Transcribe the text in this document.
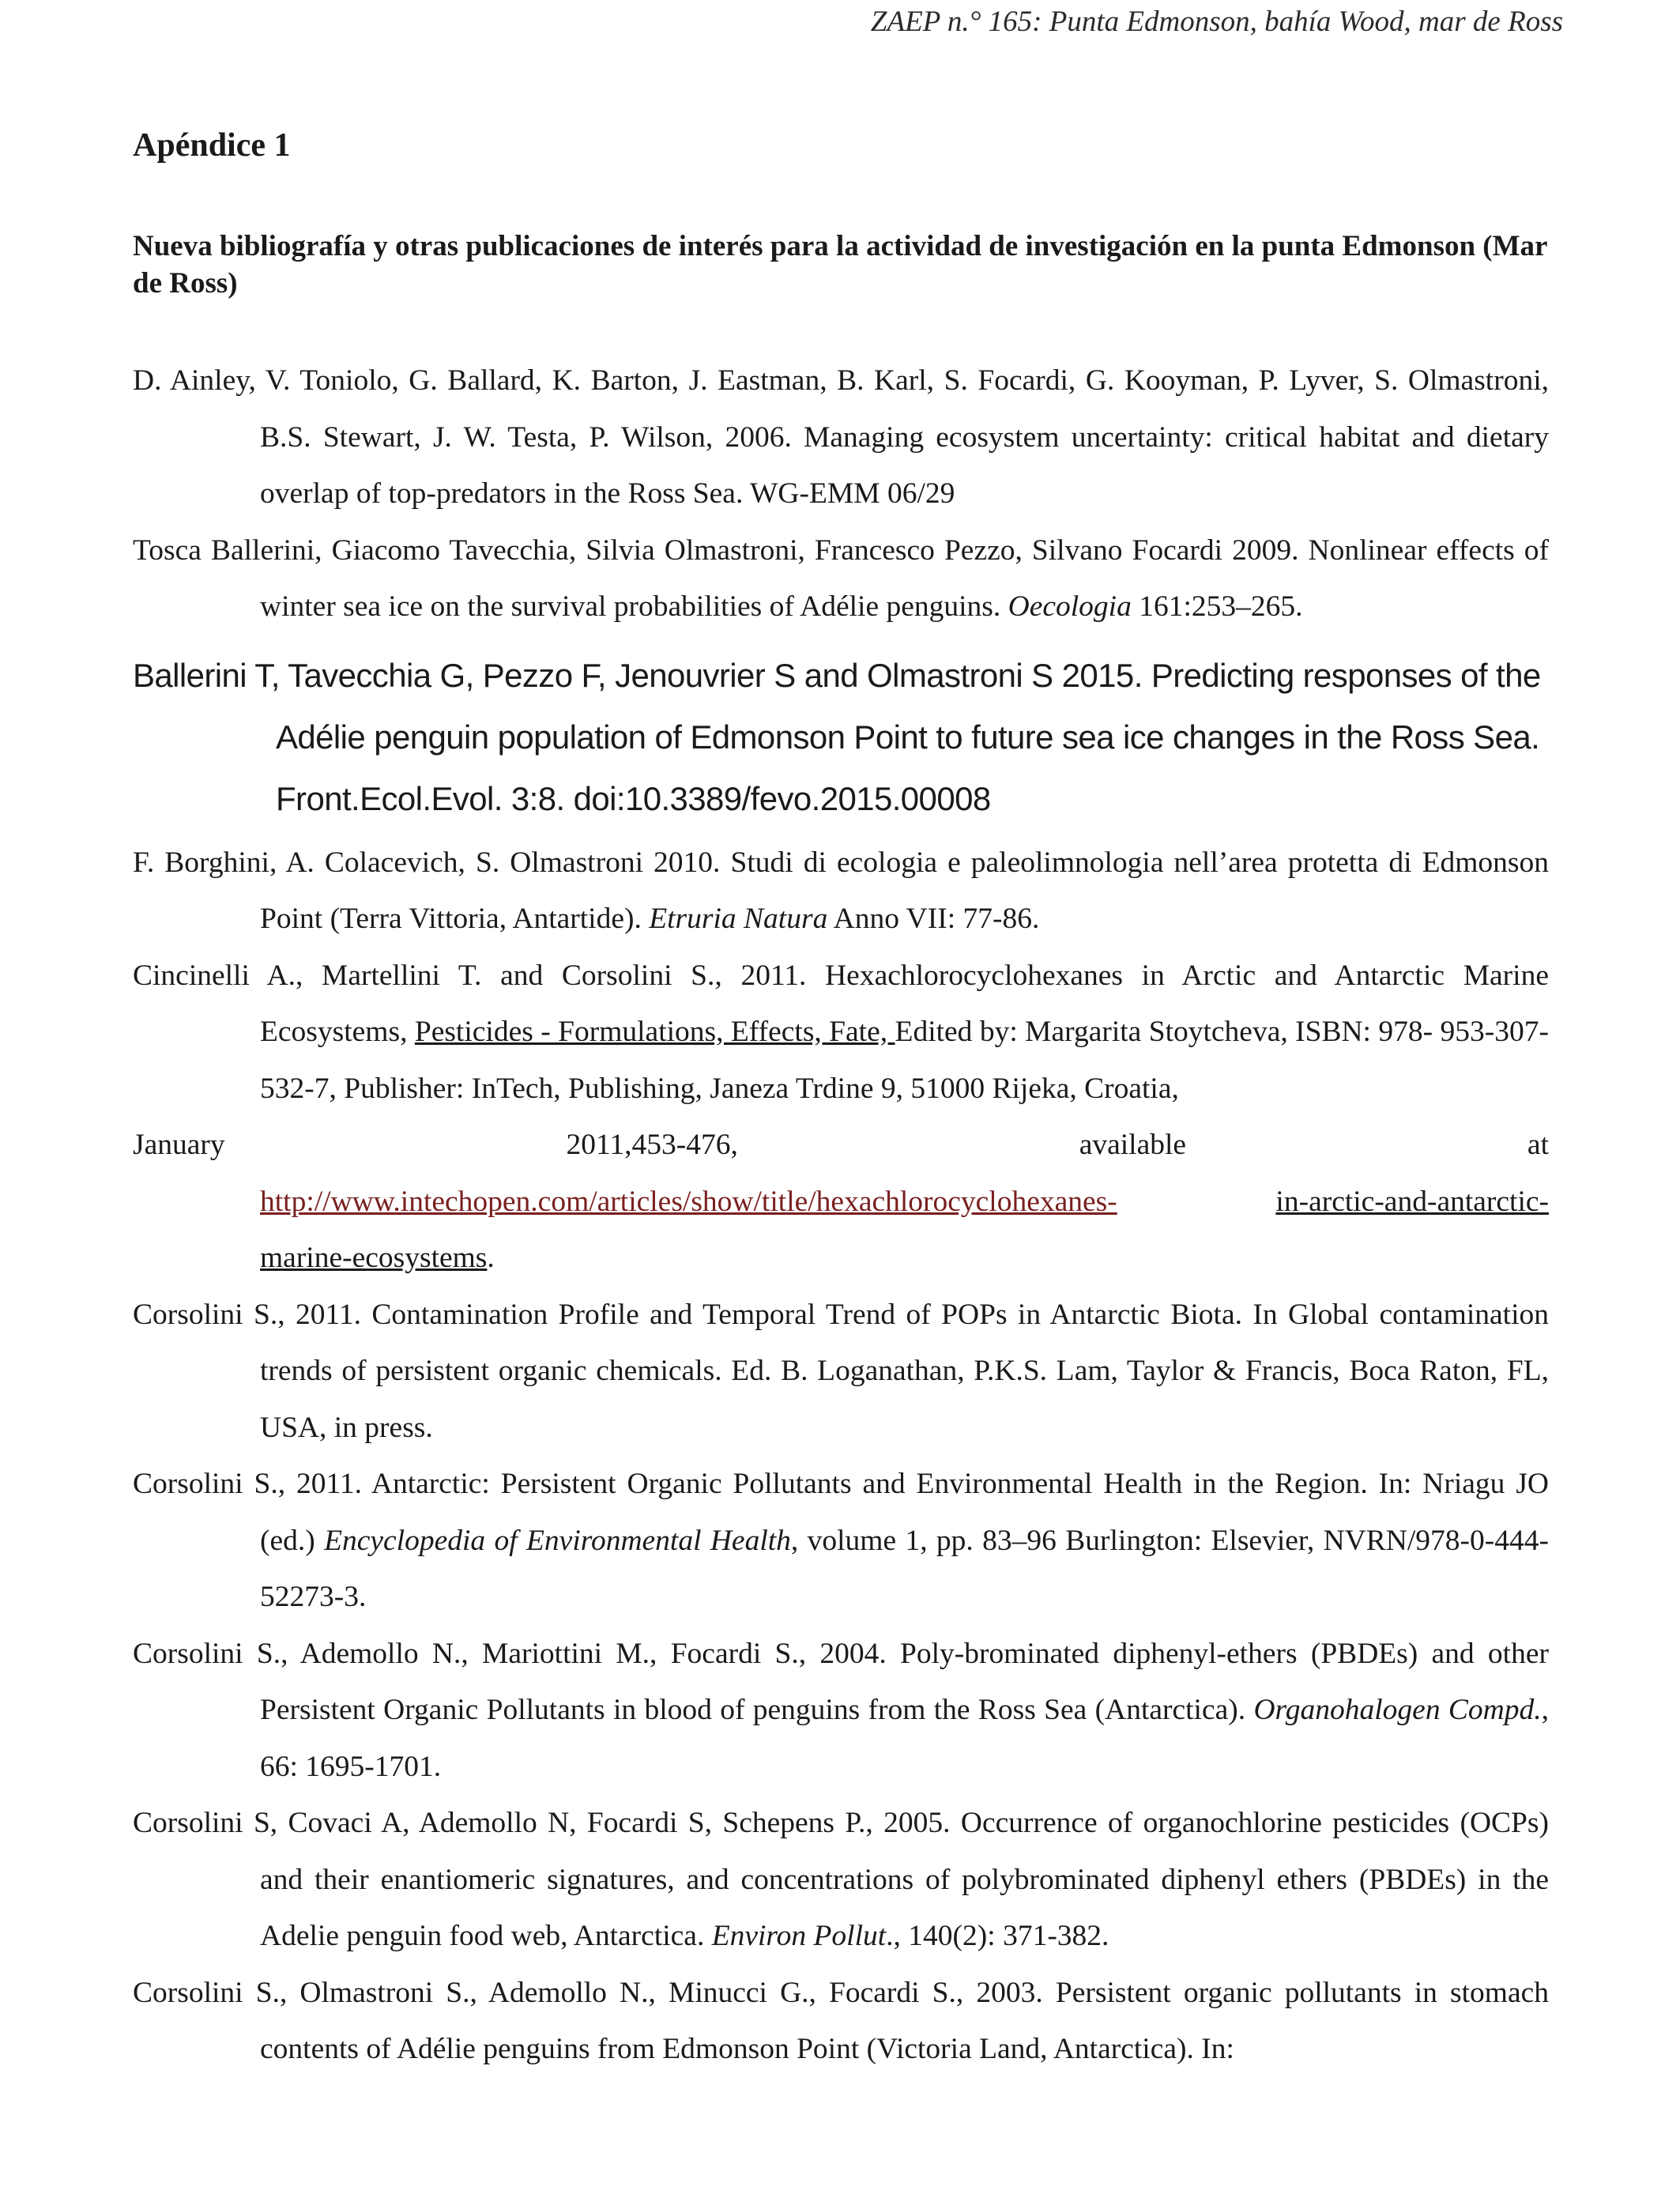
ZAEP n.° 165: Punta Edmonson, bahía Wood, mar de Ross
Apéndice 1

Nueva bibliografía y otras publicaciones de interés para la actividad de investigación en la punta Edmonson (Mar de Ross)

D. Ainley, V. Toniolo, G. Ballard, K. Barton, J. Eastman, B. Karl, S. Focardi, G. Kooyman, P. Lyver, S. Olmastroni, B.S. Stewart, J. W. Testa, P. Wilson, 2006. Managing ecosystem uncertainty: critical habitat and dietary overlap of top-predators in the Ross Sea. WG-EMM 06/29

Tosca Ballerini, Giacomo Tavecchia, Silvia Olmastroni, Francesco Pezzo, Silvano Focardi 2009. Nonlinear effects of winter sea ice on the survival probabilities of Adélie penguins. Oecologia 161:253–265.

Ballerini T, Tavecchia G, Pezzo F, Jenouvrier S and Olmastroni S 2015. Predicting responses of the Adélie penguin population of Edmonson Point to future sea ice changes in the Ross Sea. Front.Ecol.Evol. 3:8. doi:10.3389/fevo.2015.00008

F. Borghini, A. Colacevich, S. Olmastroni 2010. Studi di ecologia e paleolimnologia nell’area protetta di Edmonson Point (Terra Vittoria, Antartide). Etruria Natura Anno VII: 77-86.

Cincinelli A., Martellini T. and Corsolini S., 2011. Hexachlorocyclohexanes in Arctic and Antarctic Marine Ecosystems, Pesticides - Formulations, Effects, Fate, Edited by: Margarita Stoytcheva, ISBN: 978- 953-307-532-7, Publisher: InTech, Publishing, Janeza Trdine 9, 51000 Rijeka, Croatia,
January 2011,453-476, available at
http://www.intechopen.com/articles/show/title/hexachlorocyclohexanes-	in-arctic-and-antarctic-
marine-ecosystems.

Corsolini S., 2011. Contamination Profile and Temporal Trend of POPs in Antarctic Biota. In Global contamination trends of persistent organic chemicals. Ed. B. Loganathan, P.K.S. Lam, Taylor & Francis, Boca Raton, FL, USA, in press.

Corsolini S., 2011. Antarctic: Persistent Organic Pollutants and Environmental Health in the Region. In: Nriagu JO (ed.) Encyclopedia of Environmental Health, volume 1, pp. 83–96 Burlington: Elsevier, NVRN/978-0-444-52273-3.

Corsolini S., Ademollo N., Mariottini M., Focardi S., 2004. Poly-brominated diphenyl-ethers (PBDEs) and other Persistent Organic Pollutants in blood of penguins from the Ross Sea (Antarctica). Organohalogen Compd., 66: 1695-1701.

Corsolini S, Covaci A, Ademollo N, Focardi S, Schepens P., 2005. Occurrence of organochlorine pesticides (OCPs) and their enantiomeric signatures, and concentrations of polybrominated diphenyl ethers (PBDEs) in the Adelie penguin food web, Antarctica. Environ Pollut., 140(2): 371-382.

Corsolini S., Olmastroni S., Ademollo N., Minucci G., Focardi S., 2003. Persistent organic pollutants in stomach contents of Adélie penguins from Edmonson Point (Victoria Land, Antarctica). In:
